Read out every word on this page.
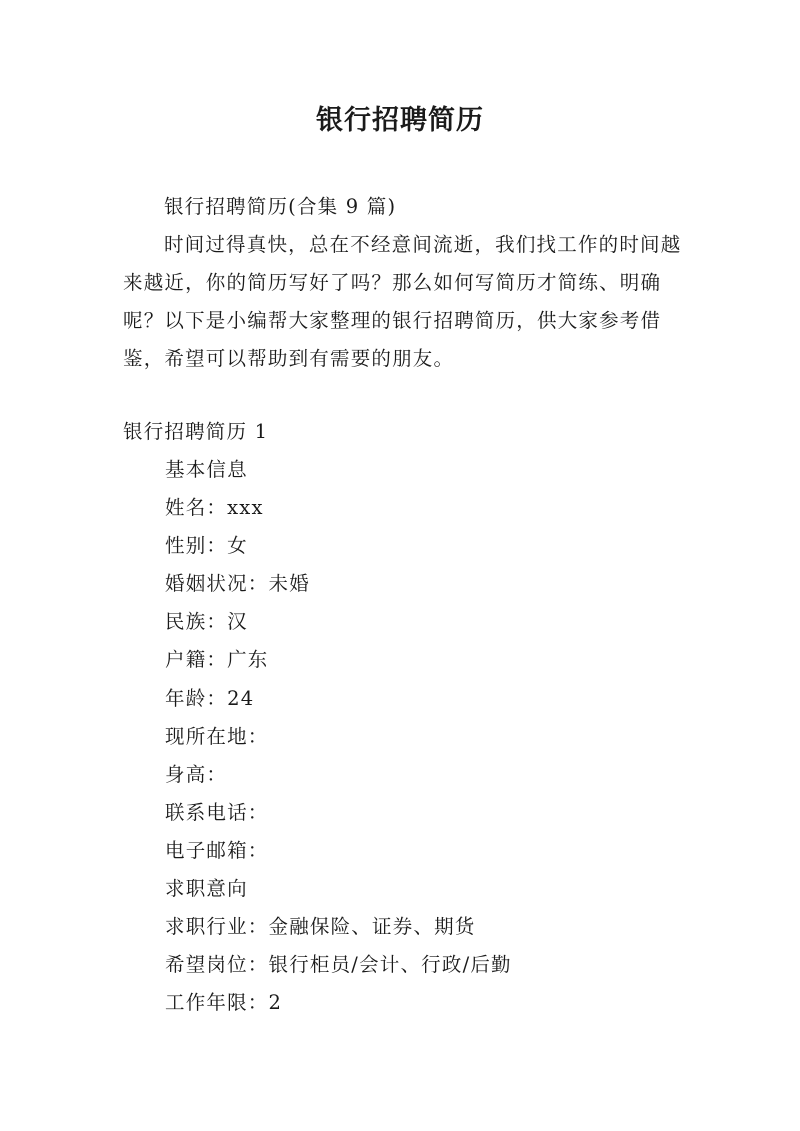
银行招聘简历

银行招聘简历(合集 9 篇)

时间过得真快，总在不经意间流逝，我们找工作的时间越来越近，你的简历写好了吗？那么如何写简历才简练、明确呢？以下是小编帮大家整理的银行招聘简历，供大家参考借鉴，希望可以帮助到有需要的朋友。

银行招聘简历 1
基本信息
姓名：xxx
性别：女
婚姻状况：未婚
民族：汉
户籍：广东
年龄：24
现所在地：
身高：
联系电话：
电子邮箱：
求职意向
求职行业：金融保险、证券、期货
希望岗位：银行柜员/会计、行政/后勤
工作年限：2
